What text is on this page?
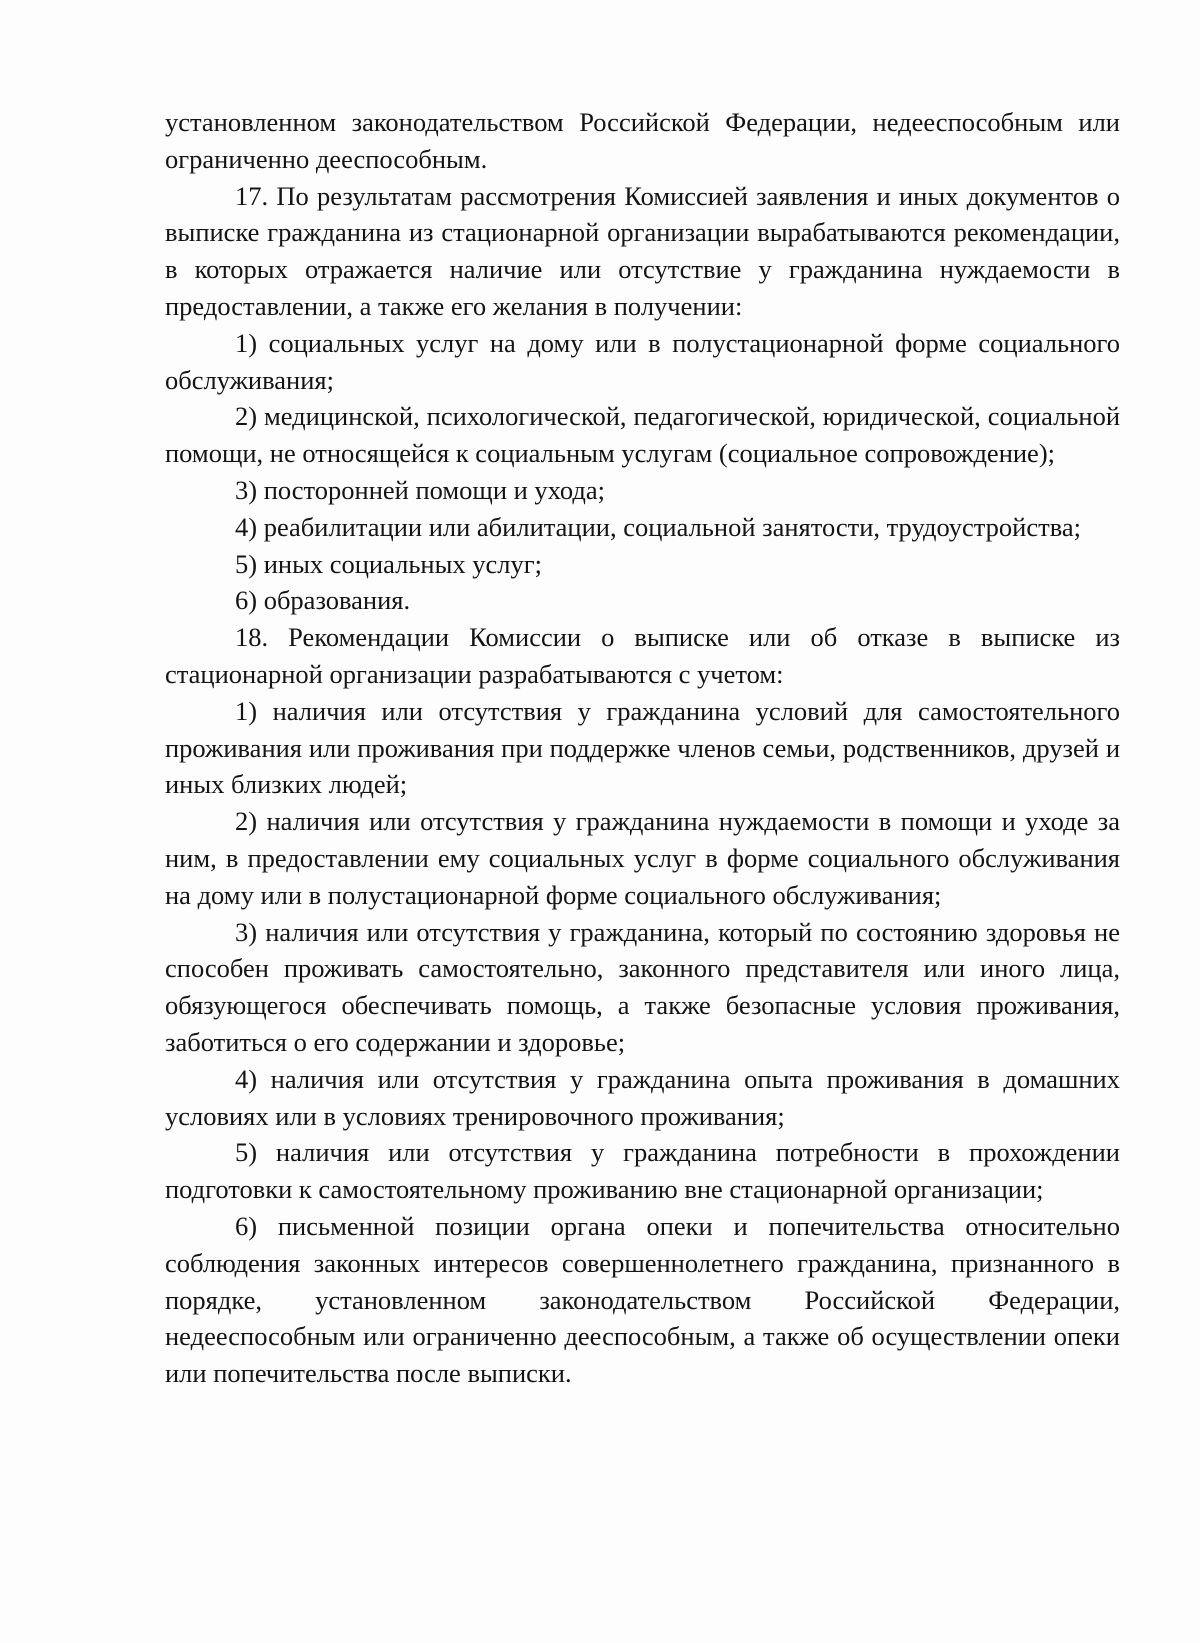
установленном законодательством Российской Федерации, недееспособным или ограниченно дееспособным.

17. По результатам рассмотрения Комиссией заявления и иных документов о выписке гражданина из стационарной организации вырабатываются рекомендации, в которых отражается наличие или отсутствие у гражданина нуждаемости в предоставлении, а также его желания в получении:

1) социальных услуг на дому или в полустационарной форме социального обслуживания;

2) медицинской, психологической, педагогической, юридической, социальной помощи, не относящейся к социальным услугам (социальное сопровождение);

3) посторонней помощи и ухода;

4) реабилитации или абилитации, социальной занятости, трудоустройства;

5) иных социальных услуг;

6) образования.

18. Рекомендации Комиссии о выписке или об отказе в выписке из стационарной организации разрабатываются с учетом:

1) наличия или отсутствия у гражданина условий для самостоятельного проживания или проживания при поддержке членов семьи, родственников, друзей и иных близких людей;

2) наличия или отсутствия у гражданина нуждаемости в помощи и уходе за ним, в предоставлении ему социальных услуг в форме социального обслуживания на дому или в полустационарной форме социального обслуживания;

3) наличия или отсутствия у гражданина, который по состоянию здоровья не способен проживать самостоятельно, законного представителя или иного лица, обязующегося обеспечивать помощь, а также безопасные условия проживания, заботиться о его содержании и здоровье;

4) наличия или отсутствия у гражданина опыта проживания в домашних условиях или в условиях тренировочного проживания;

5) наличия или отсутствия у гражданина потребности в прохождении подготовки к самостоятельному проживанию вне стационарной организации;

6) письменной позиции органа опеки и попечительства относительно соблюдения законных интересов совершеннолетнего гражданина, признанного в порядке, установленном законодательством Российской Федерации, недееспособным или ограниченно дееспособным, а также об осуществлении опеки или попечительства после выписки.
